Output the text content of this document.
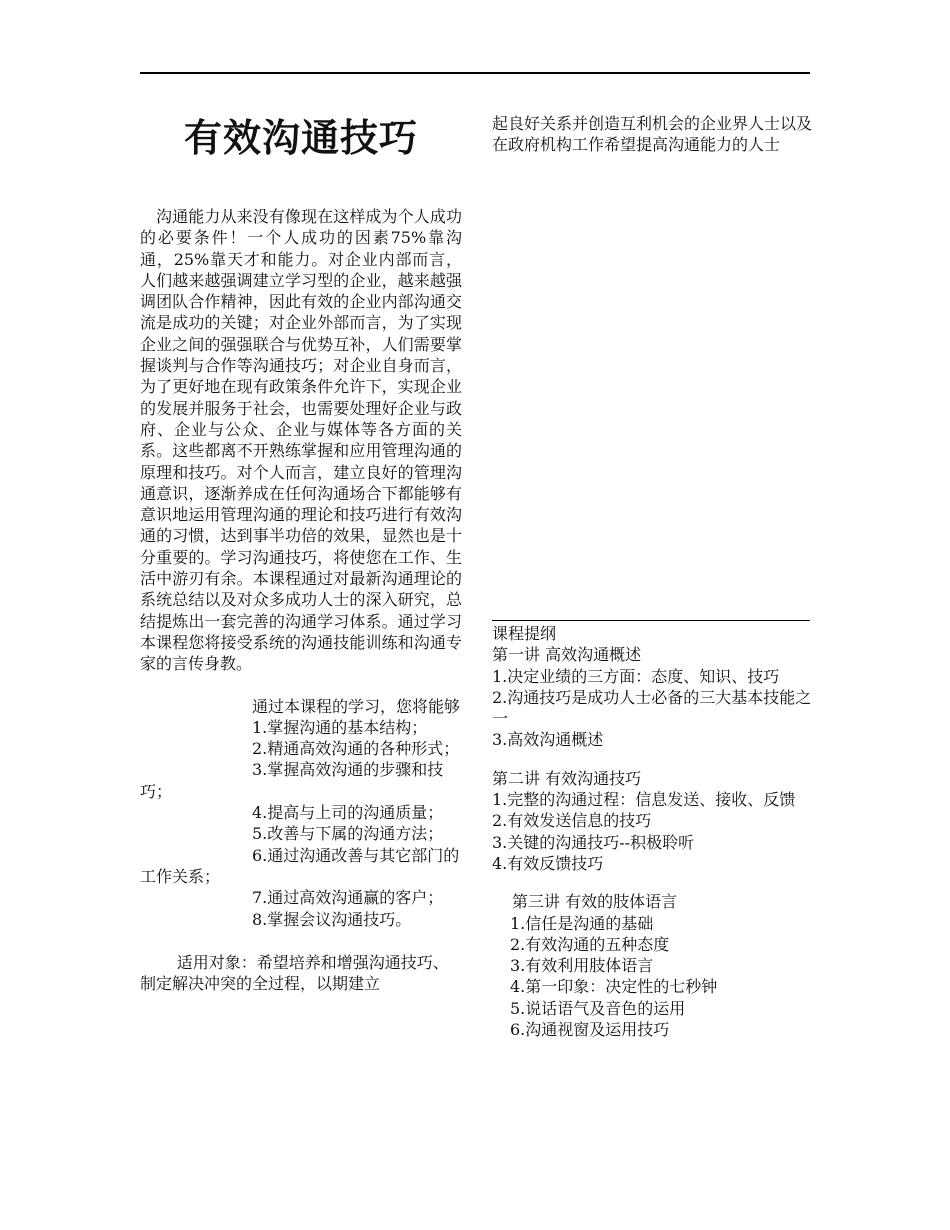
有效沟通技巧

沟通能力从来没有像现在这样成为个人成功的必要条件！一个人成功的因素75%靠沟通，25%靠天才和能力。对企业内部而言，人们越来越强调建立学习型的企业，越来越强调团队合作精神，因此有效的企业内部沟通交流是成功的关键；对企业外部而言，为了实现企业之间的强强联合与优势互补，人们需要掌握谈判与合作等沟通技巧；对企业自身而言，为了更好地在现有政策条件允许下，实现企业的发展并服务于社会，也需要处理好企业与政府、企业与公众、企业与媒体等各方面的关系。这些都离不开熟练掌握和应用管理沟通的原理和技巧。对个人而言，建立良好的管理沟通意识，逐渐养成在任何沟通场合下都能够有意识地运用管理沟通的理论和技巧进行有效沟通的习惯，达到事半功倍的效果，显然也是十分重要的。学习沟通技巧，将使您在工作、生活中游刃有余。本课程通过对最新沟通理论的系统总结以及对众多成功人士的深入研究，总结提炼出一套完善的沟通学习体系。通过学习本课程您将接受系统的沟通技能训练和沟通专家的言传身教。

通过本课程的学习，您将能够

1.掌握沟通的基本结构；

2.精通高效沟通的各种形式；

3.掌握高效沟通的步骤和技巧；

4.提高与上司的沟通质量；

5.改善与下属的沟通方法；

6.通过沟通改善与其它部门的工作关系；

7.通过高效沟通赢的客户；

8.掌握会议沟通技巧。

适用对象：希望培养和增强沟通技巧、制定解决冲突的全过程，以期建立

起良好关系并创造互利机会的企业界人士以及在政府机构工作希望提高沟通能力的人士

课程提纲

第一讲 高效沟通概述

1.决定业绩的三方面：态度、知识、技巧

2.沟通技巧是成功人士必备的三大基本技能之一

3.高效沟通概述

第二讲 有效沟通技巧

1.完整的沟通过程：信息发送、接收、反馈

2.有效发送信息的技巧

3.关键的沟通技巧--积极聆听

4.有效反馈技巧

第三讲 有效的肢体语言

1.信任是沟通的基础

2.有效沟通的五种态度

3.有效利用肢体语言

4.第一印象：决定性的七秒钟

5.说话语气及音色的运用

6.沟通视窗及运用技巧
